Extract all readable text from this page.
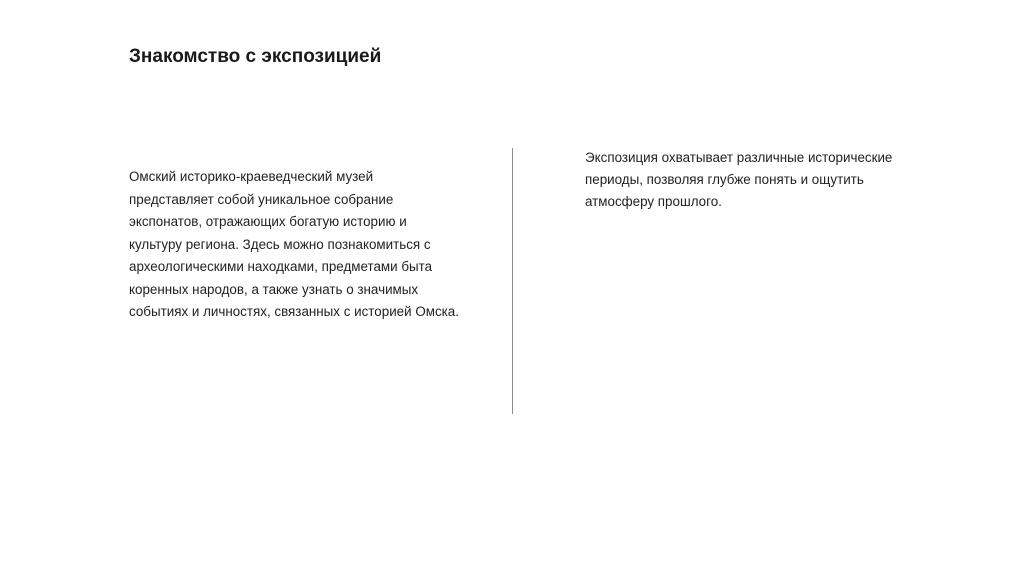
Знакомство с экспозицией
Омский историко-краеведческий музей
представляет собой уникальное собрание
экспонатов, отражающих богатую историю и
культуру региона. Здесь можно познакомиться с
археологическими находками, предметами быта
коренных народов, а также узнать о значимых
событиях и личностях, связанных с историей Омска.
Экспозиция охватывает различные исторические
периоды, позволяя глубже понять и ощутить
атмосферу прошлого.
